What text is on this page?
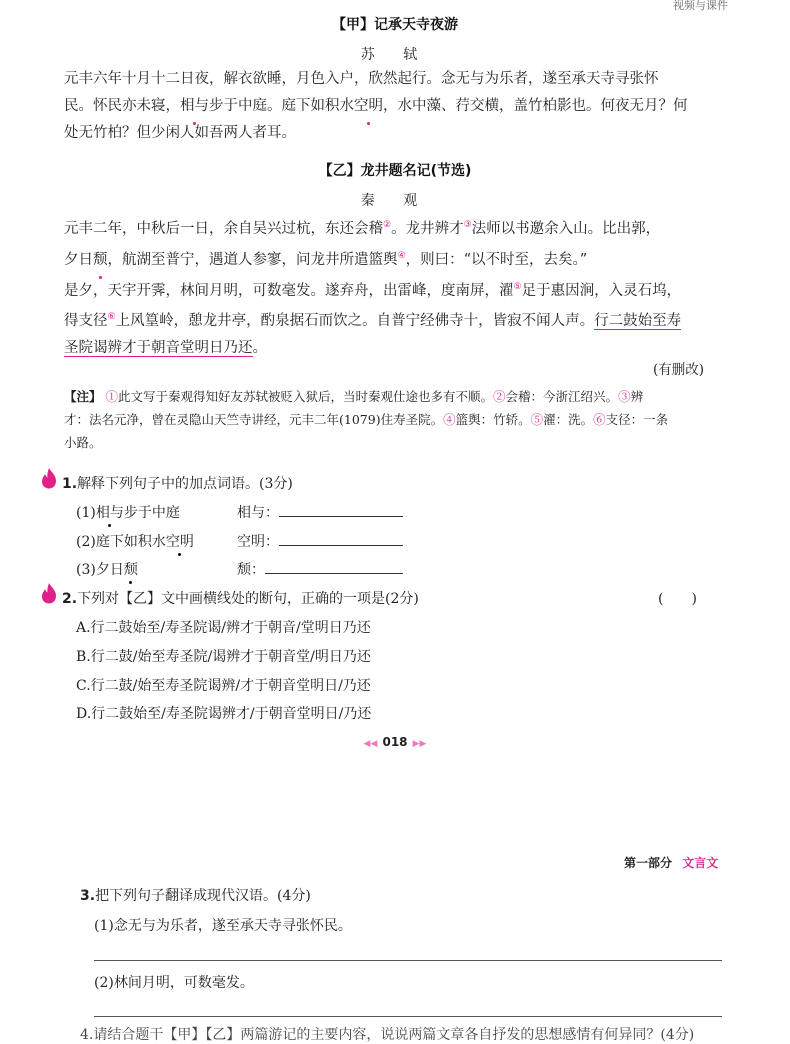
视频与课件
【甲】记承天寺夜游
苏 轼
元丰六年十月十二日夜，解衣欲睡，月色入户，欣然起行。念无与为乐者，遂至承天寺寻张怀
民。怀民亦未寝，相与步于中庭。庭下如积水空明，水中藻、荇交横，盖竹柏影也。何夜无月？何
处无竹柏？但少闲人如吾两人者耳。
【乙】龙井题名记(节选)
秦 观
元丰二年，中秋后一日，余自吴兴过杭，东还会稽②。龙井辨才③法师以书邀余入山。比出郭，
夕日颓，航湖至普宁，遇道人参寥，问龙井所遣篮舆④，则曰：“以不时至，去矣。”
是夕，天宇开霁，林间月明，可数毫发。遂弃舟，出雷峰，度南屏，濯⑤足于惠因涧，入灵石坞，
得支径⑥上风篁岭，憩龙井亭，酌泉据石而饮之。自普宁经佛寺十，皆寂不闻人声。行二鼓始至寿
圣院谒辨才于朝音堂明日乃还。
(有删改)
【注】 ①此文写于秦观得知好友苏轼被贬入狱后，当时秦观仕途也多有不顺。②会稽：今浙江绍兴。③辨
才：法名元净，曾在灵隐山天竺寺讲经，元丰二年(1079)住寿圣院。④篮舆：竹轿。⑤濯：洗。⑥支径：一条
小路。
1.解释下列句子中的加点词语。(3分)
(1)相与步于中庭	相与：
(2)庭下如积水空明	空明：
(3)夕日颓	颓：
2.下列对【乙】文中画横线处的断句，正确的一项是(2分)	(　　)
A.行二鼓始至/寿圣院谒/辨才于朝音/堂明日乃还
B.行二鼓/始至寿圣院/谒辨才于朝音堂/明日乃还
C.行二鼓/始至寿圣院谒辨/才于朝音堂明日/乃还
D.行二鼓始至/寿圣院谒辨才/于朝音堂明日/乃还
◀◀ 018 ▶▶
第一部分 文言文
3.把下列句子翻译成现代汉语。(4分)
(1)念无与为乐者，遂至承天寺寻张怀民。
(2)林间月明，可数毫发。
4.请结合题干【甲】【乙】两篇游记的主要内容，说说两篇文章各自抒发的思想感情有何异同？(4分)
